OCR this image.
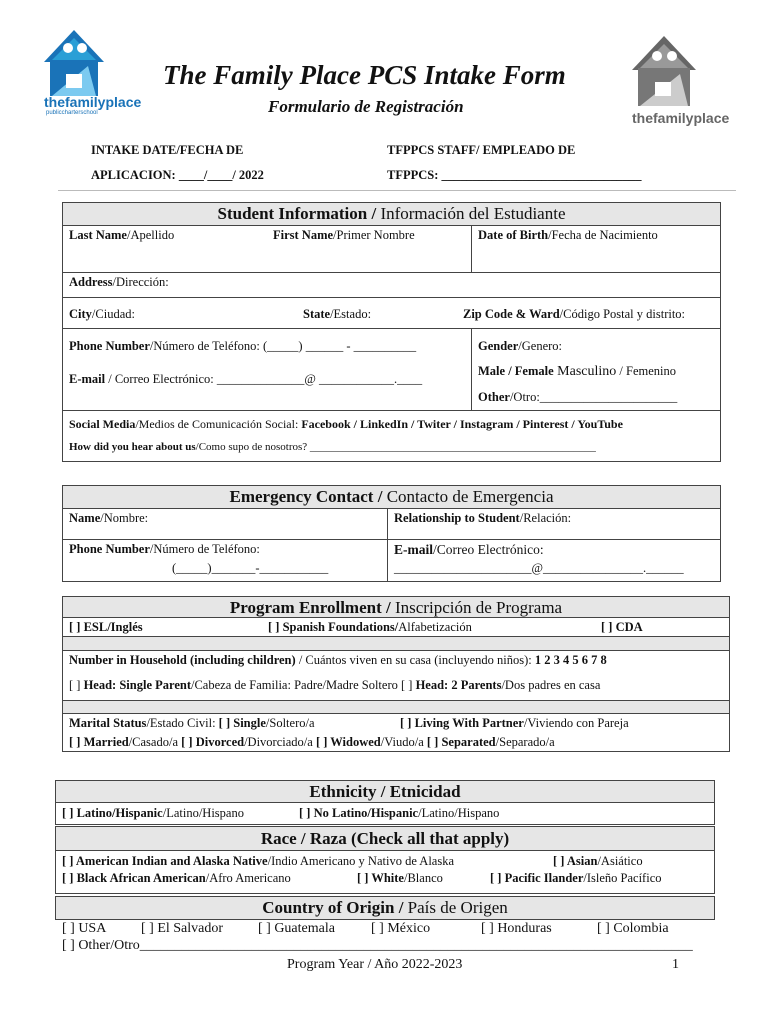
thefamilyplace
publiccharterschool	thefamilyplace
The Family Place PCS Intake Form
Formulario de Registración
INTAKE DATE/FECHA DE
APLICACION: ____/____/ 2022
TFPPCS STAFF/ EMPLEADO DE
TFPPCS: ________________________________
Student Information / Información del Estudiante
Last Name/Apellido	First Name/Primer Nombre	Date of Birth/Fecha de Nacimiento
Address/Dirección:
City/Ciudad:	State/Estado:	Zip Code & Ward/Código Postal y distrito:
Phone Number/Número de Teléfono: (_____) ______ - __________
E-mail / Correo Electrónico: ______________@ ____________.____
Gender/Genero:
Male / Female Masculino / Femenino
Other/Otro:______________________
Social Media/Medios de Comunicación Social: Facebook / LinkedIn / Twiter / Instagram / Pinterest / YouTube
How did you hear about us/Como supo de nosotros? ____________________________________________________
Emergency Contact / Contacto de Emergencia
Name/Nombre:	Relationship to Student/Relación:
Phone Number/Número de Teléfono:
(_____)_______-___________
E-mail/Correo Electrónico:
______________________@________________.______
Program Enrollment / Inscripción de Programa
[ ] ESL/Inglés	[ ] Spanish Foundations/Alfabetización	[ ] CDA
Number in Household (including children) / Cuántos viven en su casa (incluyendo niños): 1 2 3 4 5 6 7 8
[ ] Head: Single Parent/Cabeza de Familia: Padre/Madre Soltero [ ] Head: 2 Parents/Dos padres en casa
Marital Status/Estado Civil: [ ] Single/Soltero/a	[ ] Living With Partner/Viviendo con Pareja
[ ] Married/Casado/a [ ] Divorced/Divorciado/a [ ] Widowed/Viudo/a [ ] Separated/Separado/a
Ethnicity / Etnicidad
[ ] Latino/Hispanic/Latino/Hispano	[ ] No Latino/Hispanic/Latino/Hispano
Race / Raza (Check all that apply)
[ ] American Indian and Alaska Native/Indio Americano y Nativo de Alaska	[ ] Asian/Asiático
[ ] Black African American/Afro Americano	[ ] White/Blanco	[ ] Pacific Ilander/Isleño Pacífico
Country of Origin / País de Origen
[ ] USA [ ] El Salvador [ ] Guatemala	[ ] México	[ ] Honduras	[ ] Colombia
[ ] Other/Otro_______________________________________________________________________________
Program Year / Año 2022-2023	1
